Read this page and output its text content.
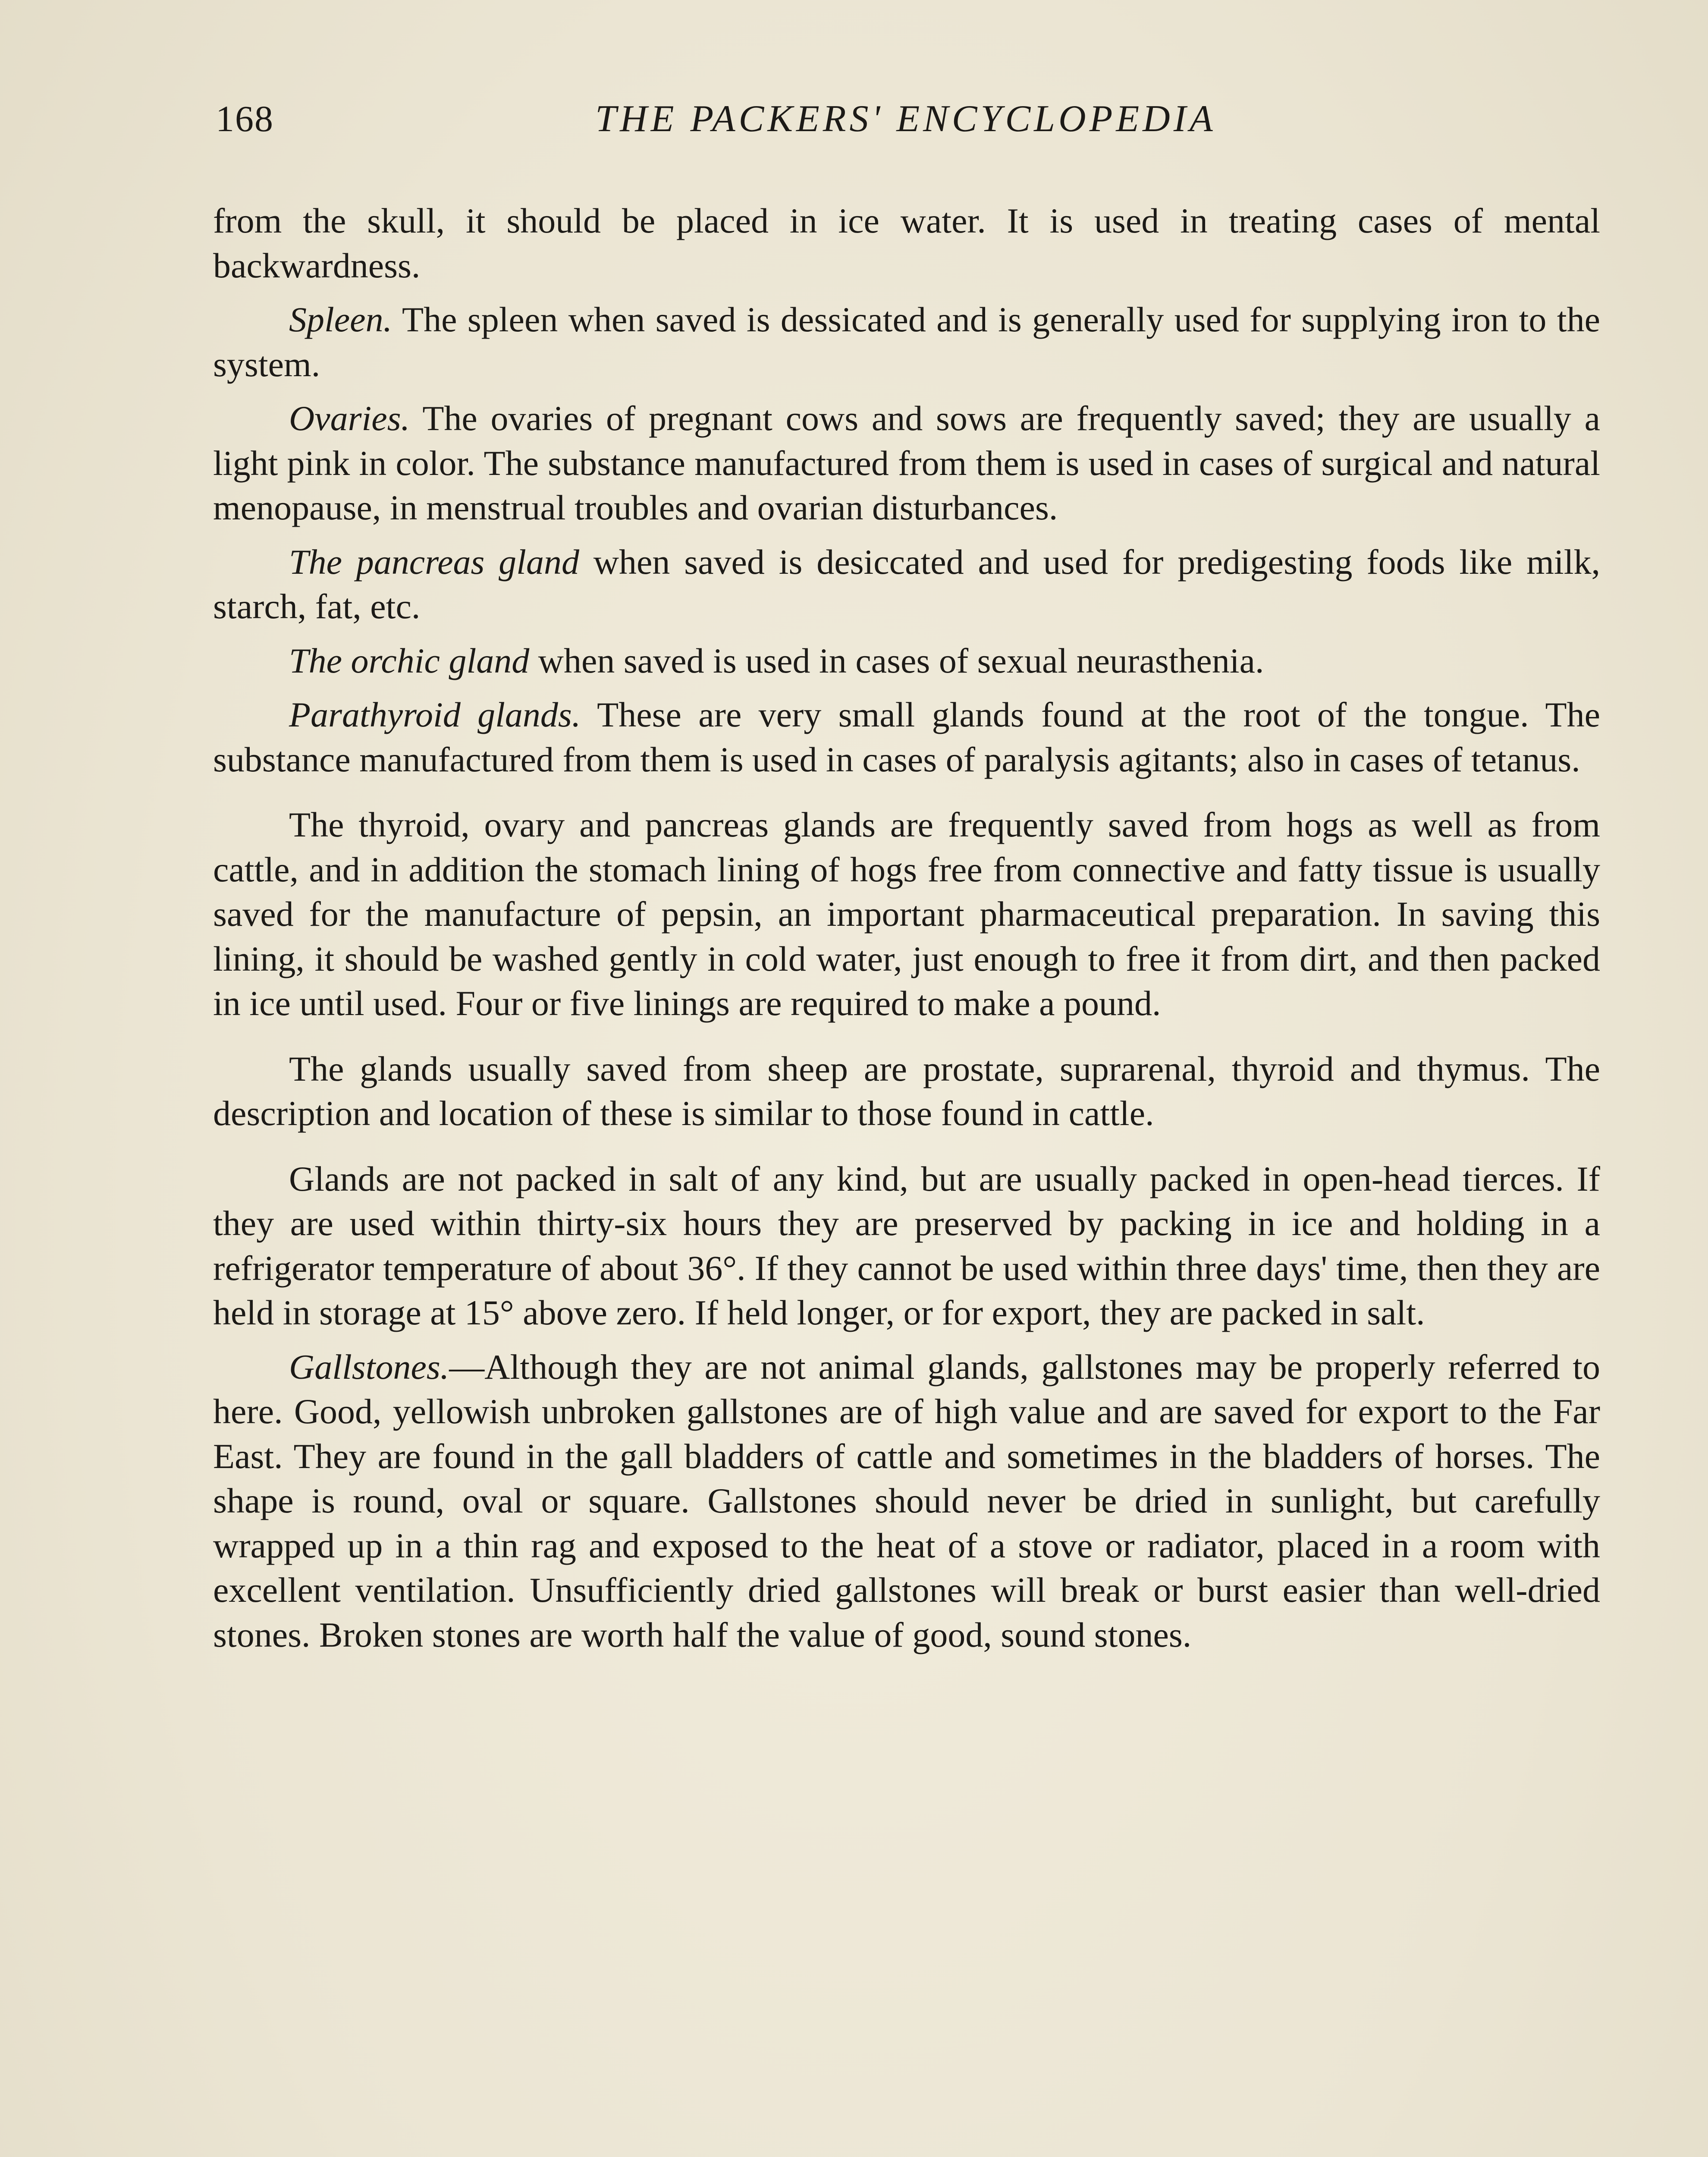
168	THE PACKERS' ENCYCLOPEDIA

from the skull, it should be placed in ice water. It is used in treating cases of mental backwardness.

Spleen. The spleen when saved is dessicated and is generally used for supplying iron to the system.

Ovaries. The ovaries of pregnant cows and sows are frequently saved; they are usually a light pink in color. The substance manufactured from them is used in cases of surgical and natural menopause, in menstrual troubles and ovarian disturbances.

The pancreas gland when saved is desiccated and used for predigesting foods like milk, starch, fat, etc.

The orchic gland when saved is used in cases of sexual neurasthenia.

Parathyroid glands. These are very small glands found at the root of the tongue. The substance manufactured from them is used in cases of paralysis agitants; also in cases of tetanus.

The thyroid, ovary and pancreas glands are frequently saved from hogs as well as from cattle, and in addition the stomach lining of hogs free from connective and fatty tissue is usually saved for the manufacture of pepsin, an important pharmaceutical preparation. In saving this lining, it should be washed gently in cold water, just enough to free it from dirt, and then packed in ice until used. Four or five linings are required to make a pound.

The glands usually saved from sheep are prostate, suprarenal, thyroid and thymus. The description and location of these is similar to those found in cattle.

Glands are not packed in salt of any kind, but are usually packed in open-head tierces. If they are used within thirty-six hours they are preserved by packing in ice and holding in a refrigerator temperature of about 36°. If they cannot be used within three days' time, then they are held in storage at 15° above zero. If held longer, or for export, they are packed in salt.

Gallstones.—Although they are not animal glands, gallstones may be properly referred to here. Good, yellowish unbroken gallstones are of high value and are saved for export to the Far East. They are found in the gall bladders of cattle and sometimes in the bladders of horses. The shape is round, oval or square. Gallstones should never be dried in sunlight, but carefully wrapped up in a thin rag and exposed to the heat of a stove or radiator, placed in a room with excellent ventilation. Unsufficiently dried gallstones will break or burst easier than well-dried stones. Broken stones are worth half the value of good, sound stones.
